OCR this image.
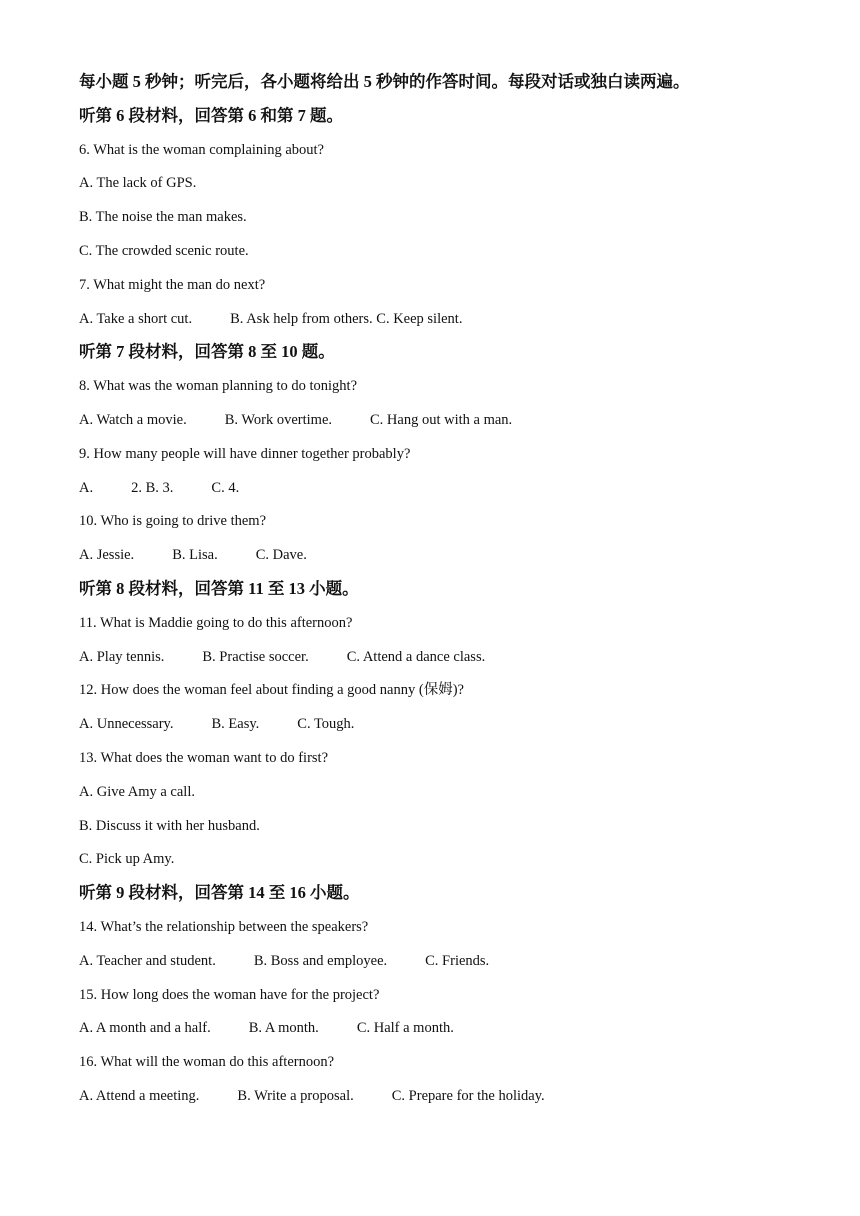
每小题 5 秒钟；听完后，各小题将给出 5 秒钟的作答时间。每段对话或独白读两遍。
听第 6 段材料，回答第 6 和第 7 题。
6. What is the woman complaining about?
A. The lack of GPS.
B. The noise the man makes.
C. The crowded scenic route.
7. What might the man do next?
A. Take a short cut.	B. Ask help from others. C. Keep silent.
听第 7 段材料，回答第 8 至 10 题。
8. What was the woman planning to do tonight?
A. Watch a movie.	B. Work overtime.	C. Hang out with a man.
9. How many people will have dinner together probably?
A.	2. B. 3.	C. 4.
10. Who is going to drive them?
A. Jessie.	B. Lisa.	C. Dave.
听第 8 段材料，回答第 11 至 13 小题。
11. What is Maddie going to do this afternoon?
A. Play tennis.	B. Practise soccer.	C. Attend a dance class.
12. How does the woman feel about finding a good nanny (保姆)?
A. Unnecessary.	B. Easy.	C. Tough.
13. What does the woman want to do first?
A. Give Amy a call.
B. Discuss it with her husband.
C. Pick up Amy.
听第 9 段材料，回答第 14 至 16 小题。
14. What’s the relationship between the speakers?
A. Teacher and student.	B. Boss and employee.	C. Friends.
15. How long does the woman have for the project?
A. A month and a half.	B. A month.	C. Half a month.
16. What will the woman do this afternoon?
A. Attend a meeting.	B. Write a proposal.	C. Prepare for the holiday.
